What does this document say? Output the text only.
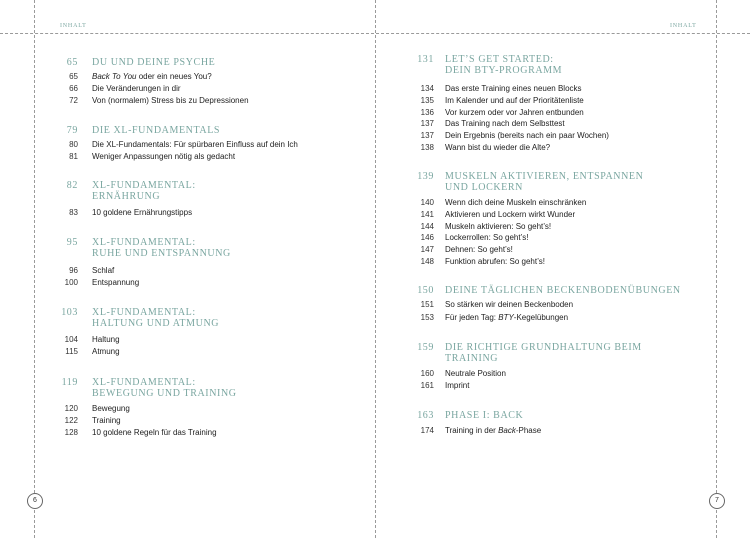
INHALT	INHALT
6	7
65 DU UND DEINE PSYCHE
65 Back To You oder ein neues You?
66 Die Veränderungen in dir
72 Von (normalem) Stress bis zu Depressionen
79 DIE XL-FUNDAMENTALS
80 Die XL-Fundamentals: Für spürbaren Einfluss auf dein Ich
81 Weniger Anpassungen nötig als gedacht
82 XL-FUNDAMENTAL:
ERNÄHRUNG
83 10 goldene Ernährungstipps
95 XL-FUNDAMENTAL:
RUHE UND ENTSPANNUNG
96 Schlaf
100 Entspannung
103 XL-FUNDAMENTAL:
HALTUNG UND ATMUNG
104 Haltung
115 Atmung
119 XL-FUNDAMENTAL:
BEWEGUNG UND TRAINING
120 Bewegung
122 Training
128 10 goldene Regeln für das Training
131 LET’S GET STARTED:
DEIN BTY-PROGRAMM
134 Das erste Training eines neuen Blocks
135 Im Kalender und auf der Prioritätenliste
136 Vor kurzem oder vor Jahren entbunden
137 Das Training nach dem Selbsttest
137 Dein Ergebnis (bereits nach ein paar Wochen)
138 Wann bist du wieder die Alte?
139 MUSKELN AKTIVIEREN, ENTSPANNEN
UND LOCKERN
140 Wenn dich deine Muskeln einschränken
141 Aktivieren und Lockern wirkt Wunder
144 Muskeln aktivieren: So geht’s!
146 Lockerrollen: So geht’s!
147 Dehnen: So geht’s!
148 Funktion abrufen: So geht’s!
150 DEINE TÄGLICHEN BECKENBODENÜBUNGEN
151 So stärken wir deinen Beckenboden
153 Für jeden Tag: BTY-Kegelübungen
159 DIE RICHTIGE GRUNDHALTUNG BEIM
TRAINING
160 Neutrale Position
161 Imprint
163 PHASE I: BACK
174 Training in der Back-Phase
